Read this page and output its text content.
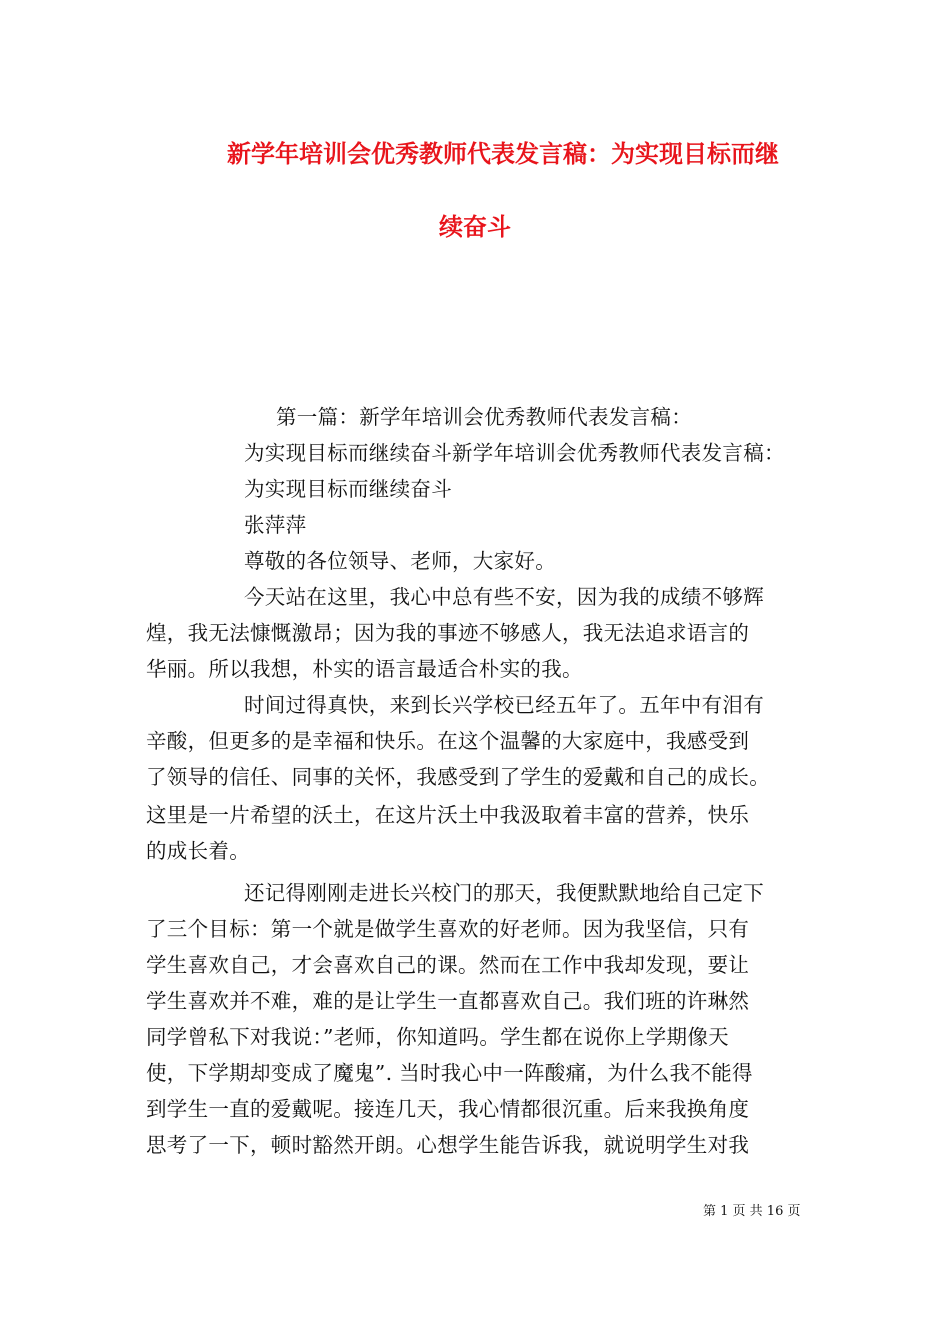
新学年培训会优秀教师代表发言稿：为实现目标而继
续奋斗
第一篇：新学年培训会优秀教师代表发言稿：
为实现目标而继续奋斗新学年培训会优秀教师代表发言稿：
为实现目标而继续奋斗
张萍萍
尊敬的各位领导、老师，大家好。
今天站在这里，我心中总有些不安，因为我的成绩不够辉
煌，我无法慷慨激昂；因为我的事迹不够感人，我无法追求语言的
华丽。所以我想，朴实的语言最适合朴实的我。
时间过得真快，来到长兴学校已经五年了。五年中有泪有
辛酸，但更多的是幸福和快乐。在这个温馨的大家庭中，我感受到
了领导的信任、同事的关怀，我感受到了学生的爱戴和自己的成长。
这里是一片希望的沃土，在这片沃土中我汲取着丰富的营养，快乐
的成长着。
还记得刚刚走进长兴校门的那天，我便默默地给自己定下
了三个目标：第一个就是做学生喜欢的好老师。因为我坚信，只有
学生喜欢自己，才会喜欢自己的课。然而在工作中我却发现，要让
学生喜欢并不难，难的是让学生一直都喜欢自己。我们班的许琳然
同学曾私下对我说：”老师，你知道吗。学生都在说你上学期像天
使，下学期却变成了魔鬼”. 当时我心中一阵酸痛，为什么我不能得
到学生一直的爱戴呢。接连几天，我心情都很沉重。后来我换角度
思考了一下，顿时豁然开朗。心想学生能告诉我，就说明学生对我
第 1 页 共 16 页
